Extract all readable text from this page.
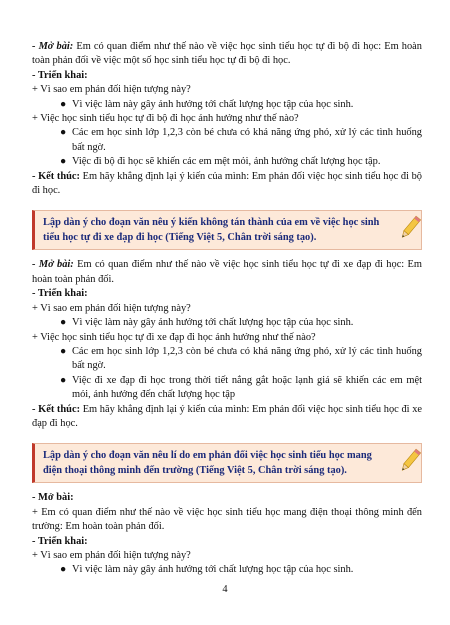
- Mở bài: Em có quan điểm như thế nào về việc học sinh tiểu học tự đi bộ đi học: Em hoàn toàn phản đối về việc một số học sinh tiểu học tự đi bộ đi học.

- Triển khai:

+ Vì sao em phản đối hiện tượng này?

● Vì việc làm này gây ảnh hưởng tới chất lượng học tập của học sinh.

+ Việc học sinh tiểu học tự đi bộ đi học ảnh hưởng như thế nào?

● Các em học sinh lớp 1,2,3 còn bé chưa có khả năng ứng phó, xử lý các tình huống bất ngờ.

● Việc đi bộ đi học sẽ khiến các em mệt mỏi, ảnh hưởng chất lượng học tập.

- Kết thúc: Em hãy khẳng định lại ý kiến của mình: Em phản đối việc học sinh tiểu học đi bộ đi học.

Lập dàn ý cho đoạn văn nêu ý kiến không tán thành của em về việc học sinh tiểu học tự đi xe đạp đi học (Tiếng Việt 5, Chân trời sáng tạo).

- Mở bài: Em có quan điểm như thế nào về việc học sinh tiểu học tự đi xe đạp đi học: Em hoàn toàn phản đối.

- Triển khai:

+ Vì sao em phản đối hiện tượng này?

● Vì việc làm này gây ảnh hưởng tới chất lượng học tập của học sinh.

+ Việc học sinh tiểu học tự đi xe đạp đi học ảnh hưởng như thế nào?

● Các em học sinh lớp 1,2,3 còn bé chưa có khả năng ứng phó, xử lý các tình huống bất ngờ.

● Việc đi xe đạp đi học trong thời tiết nắng gắt hoặc lạnh giá sẽ khiến các em mệt mỏi, ảnh hưởng đến chất lượng học tập

- Kết thúc: Em hãy khẳng định lại ý kiến của mình: Em phản đối việc học sinh tiểu học đi xe đạp đi học.

Lập dàn ý cho đoạn văn nêu lí do em phản đối việc học sinh tiểu học mang điện thoại thông minh đến trường (Tiếng Việt 5, Chân trời sáng tạo).

- Mở bài:

+ Em có quan điểm như thế nào về việc học sinh tiểu học mang điện thoại thông minh đến trường: Em hoàn toàn phản đối.

- Triển khai:

+ Vì sao em phản đối hiện tượng này?

● Vì việc làm này gây ảnh hưởng tới chất lượng học tập của học sinh.

4
